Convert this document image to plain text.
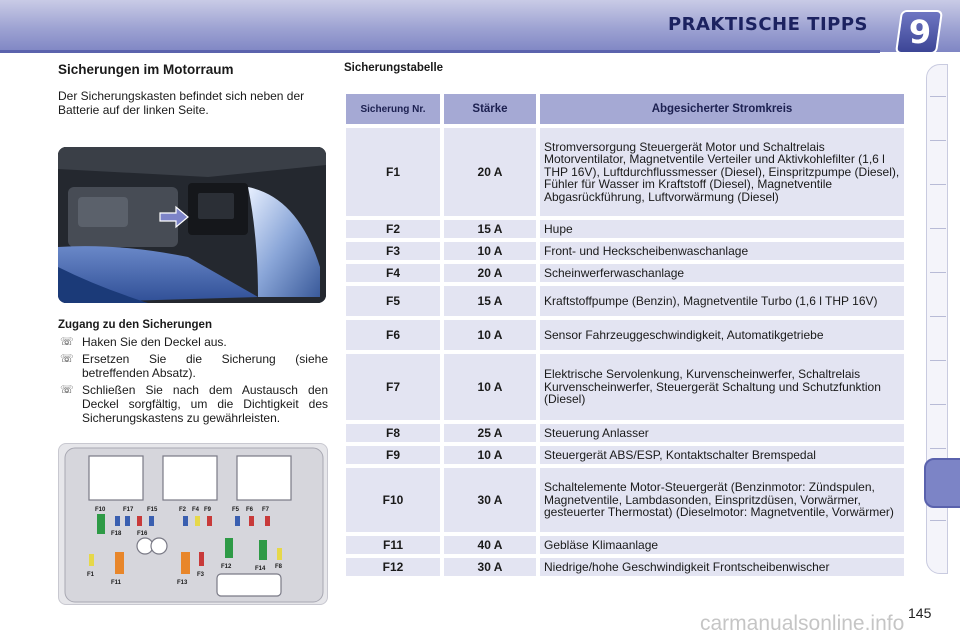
PRAKTISCHE TIPPS 9
Sicherungen im Motorraum
Der Sicherungskasten befindet sich neben der Batterie auf der linken Seite.
Zugang zu den Sicherungen
☏ Haken Sie den Deckel aus.
☏ Ersetzen Sie die Sicherung (siehe betreffenden Absatz).
☏ Schließen Sie nach dem Austausch den Deckel sorgfältig, um die Dichtigkeit des Sicherungskastens zu gewährleisten.
F10	F17 F15	F2 F4 F9	F5 F6 F7
F18	F16
F1
F11	F13
F3
F12	F14 F8
Sicherungstabelle
Sicherung Nr.	Stärke	Abgesicherter Stromkreis
F1	20 A	Stromversorgung Steuergerät Motor und Schaltrelais Motorventilator, Magnetventile Verteiler und Aktivkohlefilter (1,6 l THP 16V), Luftdurchflussmesser (Diesel), Einspritzpumpe (Diesel), Fühler für Wasser im Kraftstoff (Diesel), Magnetventile Abgasrückführung, Luftvorwärmung (Diesel)
F2	15 A	Hupe
F3	10 A	Front- und Heckscheibenwaschanlage
F4	20 A	Scheinwerferwaschanlage
F5	15 A	Kraftstoffpumpe (Benzin), Magnetventile Turbo (1,6 l THP 16V)
F6	10 A	Sensor Fahrzeuggeschwindigkeit, Automatikgetriebe
F7	10 A	Elektrische Servolenkung, Kurvenscheinwerfer, Schaltrelais Kurvenscheinwerfer, Steuergerät Schaltung und Schutzfunktion (Diesel)
F8	25 A	Steuerung Anlasser
F9	10 A	Steuergerät ABS/ESP, Kontaktschalter Bremspedal
F10	30 A	Schaltelemente Motor-Steuergerät (Benzinmotor: Zündspulen, Magnetventile, Lambdasonden, Einspritzdüsen, Vorwärmer, gesteuerter Thermostat) (Dieselmotor: Magnetventile, Vorwärmer)
F11	40 A	Gebläse Klimaanlage
F12	30 A	Niedrige/hohe Geschwindigkeit Frontscheibenwischer
145
carmanualsonline.info
